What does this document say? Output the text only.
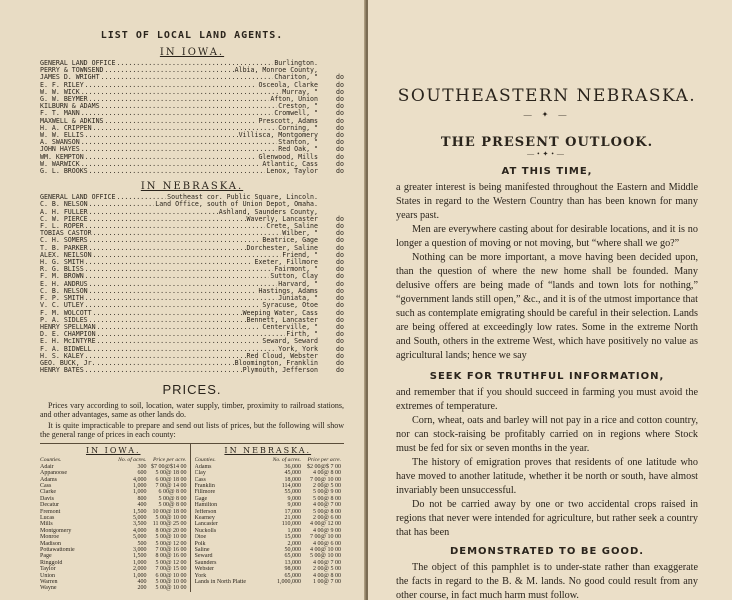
LIST OF LOCAL LAND AGENTS.
IN IOWA.
GENERAL LAND OFFICE .....	Burlington.
PERRY & TOWNSEND .....	Albia, Monroe County,
JAMES D. WRIGHT .....	Chariton, "	do
E. F. RILEY .....	Osceola, Clarke	do
W. W. WICK .....	Murray, "	do
G. W. BEYMER .....	Afton, Union	do
KILBURN & ADAMS .....	Creston, "	do
F. T. MANN .....	Cromwell, "	do
MAXWELL & ADKINS .....	Prescott, Adams	do
H. A. CRIPPEN .....	Corning, "	do
W. W. ELLIS .....	Villisca, Montgomery	do
A. SWANSON .....	Stanton, "	do
JOHN HAYES .....	Red Oak, "	do
WM. KEMPTON .....	Glenwood, Mills	do
W. WARWICK .....	Atlantic, Cass	do
G. L. BROOKS .....	Lenox, Taylor	do
IN NEBRASKA.
GENERAL LAND OFFICE .....	Southeast cor. Public Square, Lincoln.
C. B. NELSON .....	Land Office, south of Union Depot, Omaha.
A. H. FULLER .....	Ashland, Saunders County,
C. W. PIERCE .....	Waverly, Lancaster	do
F. L. ROPER .....	Crete, Saline	do
TOBIAS CASTOR .....	Wilber, "	do
C. H. SOMERS .....	Beatrice, Gage	do
T. B. PARKER .....	Dorchester, Saline	do
ALEX. NEILSON .....	Friend, "	do
H. G. SMITH .....	Exeter, Fillmore	do
R. G. BLISS .....	Fairmont, "	do
F. M. BROWN .....	Sutton, Clay	do
E. H. ANDRUS .....	Harvard, "	do
C. B. NELSON .....	Hastings, Adams	do
F. P. SMITH .....	Juniata, "	do
V. C. UTLEY .....	Syracuse, Otoe	do
F. M. WOLCOTT .....	Weeping Water, Cass	do
P. A. SIDLES .....	Bennett, Lancaster	do
HENRY SPELLMAN .....	Centerville, "	do
D. E. CHAMPION .....	Firth, "	do
E. H. McINTYRE .....	Seward, Seward	do
F. A. BIDWELL .....	York, York	do
H. S. KALEY .....	Red Cloud, Webster	do
GEO. BUCK, Jr. .....	Bloomington, Franklin	do
HENRY BATES .....	Plymouth, Jefferson	do
PRICES.

Prices vary according to soil, location, water supply, timber, proximity to railroad stations, and other advantages, same as other lands do.

It is quite impracticable to prepare and send out lists of prices, but the following will show the general range of prices in each county:

IN IOWA.
Counties.	No. of acres.	Price per acre.
Adair	300 $7 00@$14 00
Appanoose	600	5 00@ 18 00
Adams	4,000	6 00@ 18 00
Cass	1,000	7 00@ 14 00
Clarke	1,000	6 00@ 8 00
Davis	800	5 00@ 8 00
Decatur	400	5 00@ 8 00
Fremont	1,500 10 00@ 18 00
Lucas	5,000	5 00@ 10 00
Mills	3,500	11 00@ 25 00
Montgomery	4,000	8 00@ 20 00
Monroe	5,000	5 00@ 10 00
Madison	500	5 00@ 12 00
Pottawattomie	3,000	7 00@ 16 00
Page	1,500	8 00@ 16 00
Ringgold	1,000	5 00@ 12 00
Taylor	2,000	7 00@ 15 00
Union	1,000	6 00@ 10 00
Warren	400	5 00@ 10 00
Wayne	200	5 00@ 10 00
IN NEBRASKA.
Counties.	No. of acres.	Price per acre.
Adams	36,000 $2 00@$ 7 00
Clay	45,000	4 00@ 8 00
Cass	18,000	7 00@ 10 00
Franklin	114,000	2 00@ 5 00
Fillmore	55,000	5 00@ 9 00
Gage	9,000	5 00@ 8 00
Hamilton	9,000	4 00@ 7 00
Jefferson	17,000	5 00@ 8 00
Kearney	21,000	2 00@ 6 00
Lancaster	110,000	4 00@ 12 00
Nuckolls	1,000	4 00@ 9 00
Otoe	15,000	7 00@ 10 00
Polk	2,000	4 00@ 6 00
Saline	50,000	4 00@ 10 00
Seward	65,000	5 00@ 10 00
Saunders	13,000	4 00@ 7 00
Webster	98,000	2 00@ 5 00
York	65,000	4 00@ 8 00
Lands in North Platte	1,000,000	1 00@ 7 00
SOUTHEASTERN NEBRASKA.
— ✦ —
THE PRESENT OUTLOOK.
—•✦•—
AT THIS TIME,

a greater interest is being manifested throughout the Eastern and Middle States in regard to the Western Country than has been known for many years past.

Men are everywhere casting about for desirable locations, and it is no longer a question of moving or not moving, but “where shall we go?”

Nothing can be more important, a move having been decided upon, than the question of where the new home shall be founded. Many delusive offers are being made of “lands and town lots for nothing,” “government lands still open,” &c., and it is of the utmost importance that such as contemplate emigrating should be careful in their selection. Lands are being offered at exceedingly low rates. Some in the extreme North and South, others in the extreme West, which have positively no value as agricultural lands; hence we say

SEEK FOR TRUTHFUL INFORMATION,

and remember that if you should succeed in farming you must avoid the extremes of temperature.

Corn, wheat, oats and barley will not pay in a rice and cotton country, nor can stock-raising be profitably carried on in regions where Stock must be fed for six or seven months in the year.

The history of emigration proves that residents of one latitude who have moved to another latitude, whether it be north or south, have almost invariably been unsuccessful.

Do not be carried away by one or two accidental crops raised in regions that never were intended for agriculture, but rather seek a country that has been

DEMONSTRATED TO BE GOOD.

The object of this pamphlet is to under-state rather than exaggerate the facts in regard to the B. & M. lands. No good could result from any other course, in fact much harm must follow.
